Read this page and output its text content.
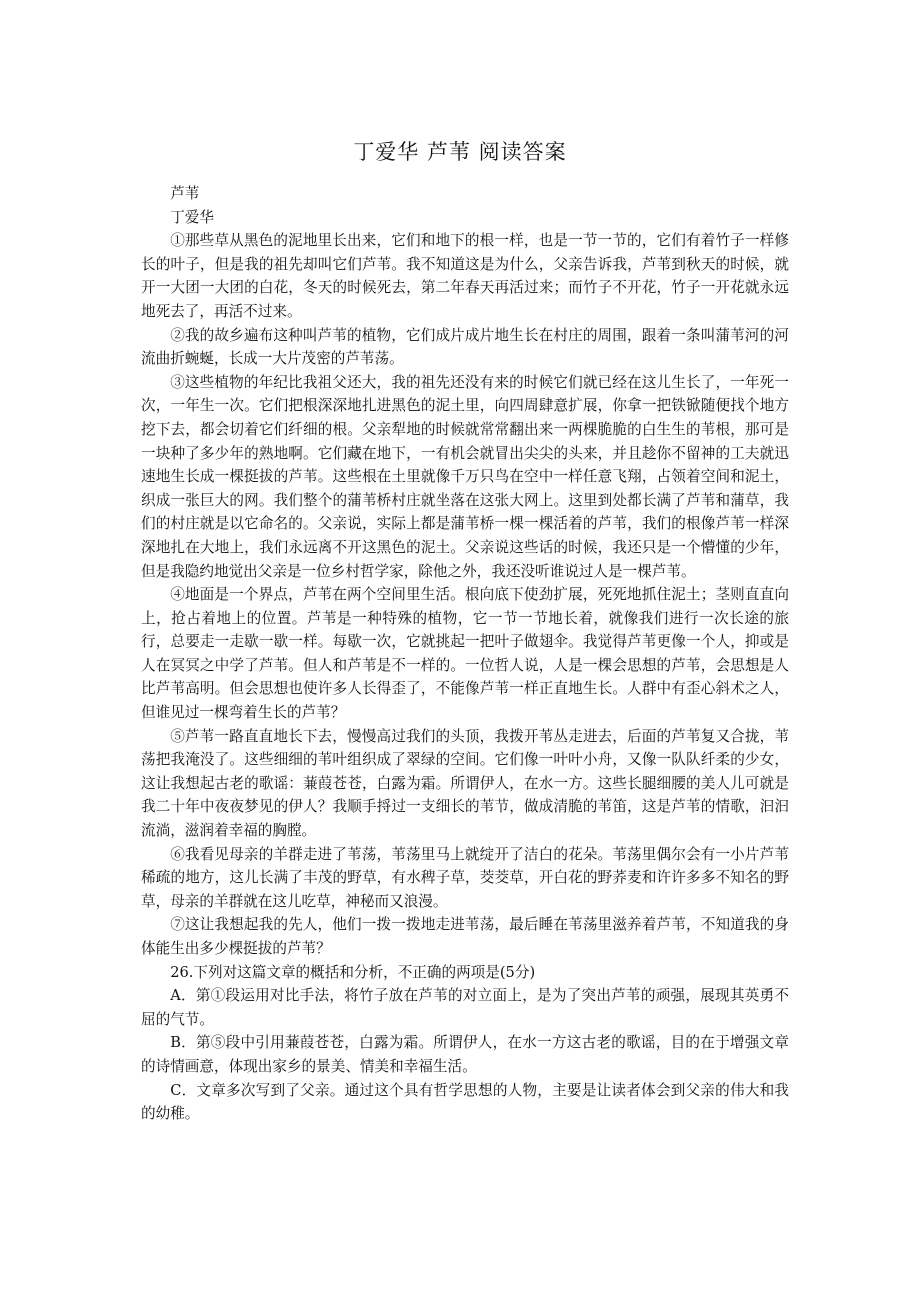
丁爱华 芦苇 阅读答案

芦苇

丁爱华

①那些草从黑色的泥地里长出来，它们和地下的根一样，也是一节一节的，它们有着竹子一样修长的叶子，但是我的祖先却叫它们芦苇。我不知道这是为什么，父亲告诉我，芦苇到秋天的时候，就开一大团一大团的白花，冬天的时候死去，第二年春天再活过来；而竹子不开花，竹子一开花就永远地死去了，再活不过来。

②我的故乡遍布这种叫芦苇的植物，它们成片成片地生长在村庄的周围，跟着一条叫蒲苇河的河流曲折蜿蜒，长成一大片茂密的芦苇荡。

③这些植物的年纪比我祖父还大，我的祖先还没有来的时候它们就已经在这儿生长了，一年死一次，一年生一次。它们把根深深地扎进黑色的泥土里，向四周肆意扩展，你拿一把铁锨随便找个地方挖下去，都会切着它们纤细的根。父亲犁地的时候就常常翻出来一两棵脆脆的白生生的苇根，那可是一块种了多少年的熟地啊。它们藏在地下，一有机会就冒出尖尖的头来，并且趁你不留神的工夫就迅速地生长成一棵挺拔的芦苇。这些根在土里就像千万只鸟在空中一样任意飞翔，占领着空间和泥土，织成一张巨大的网。我们整个的蒲苇桥村庄就坐落在这张大网上。这里到处都长满了芦苇和蒲草，我们的村庄就是以它命名的。父亲说，实际上都是蒲苇桥一棵一棵活着的芦苇，我们的根像芦苇一样深深地扎在大地上，我们永远离不开这黑色的泥土。父亲说这些话的时候，我还只是一个懵懂的少年，但是我隐约地觉出父亲是一位乡村哲学家，除他之外，我还没听谁说过人是一棵芦苇。

④地面是一个界点，芦苇在两个空间里生活。根向底下使劲扩展，死死地抓住泥土；茎则直直向上，抢占着地上的位置。芦苇是一种特殊的植物，它一节一节地长着，就像我们进行一次长途的旅行，总要走一走歇一歇一样。每歇一次，它就挑起一把叶子做翅伞。我觉得芦苇更像一个人，抑或是人在冥冥之中学了芦苇。但人和芦苇是不一样的。一位哲人说，人是一棵会思想的芦苇，会思想是人比芦苇高明。但会思想也使许多人长得歪了，不能像芦苇一样正直地生长。人群中有歪心斜术之人，但谁见过一棵弯着生长的芦苇？

⑤芦苇一路直直地长下去，慢慢高过我们的头顶，我拨开苇丛走进去，后面的芦苇复又合拢，苇荡把我淹没了。这些细细的苇叶组织成了翠绿的空间。它们像一叶叶小舟，又像一队队纤柔的少女，这让我想起古老的歌谣：蒹葭苍苍，白露为霜。所谓伊人，在水一方。这些长腿细腰的美人儿可就是我二十年中夜夜梦见的伊人？我顺手捋过一支细长的苇节，做成清脆的苇笛，这是芦苇的情歌，汩汩流淌，滋润着幸福的胸膛。

⑥我看见母亲的羊群走进了苇荡，苇荡里马上就绽开了洁白的花朵。苇荡里偶尔会有一小片芦苇稀疏的地方，这儿长满了丰茂的野草，有水稗子草，茭茭草，开白花的野荞麦和许许多多不知名的野草，母亲的羊群就在这儿吃草，神秘而又浪漫。

⑦这让我想起我的先人，他们一拨一拨地走进苇荡，最后睡在苇荡里滋养着芦苇，不知道我的身体能生出多少棵挺拔的芦苇？

26.下列对这篇文章的概括和分析，不正确的两项是(5分)

A．第①段运用对比手法，将竹子放在芦苇的对立面上，是为了突出芦苇的顽强，展现其英勇不屈的气节。

B．第⑤段中引用蒹葭苍苍，白露为霜。所谓伊人，在水一方这古老的歌谣，目的在于增强文章的诗情画意，体现出家乡的景美、情美和幸福生活。

C．文章多次写到了父亲。通过这个具有哲学思想的人物，主要是让读者体会到父亲的伟大和我的幼稚。
